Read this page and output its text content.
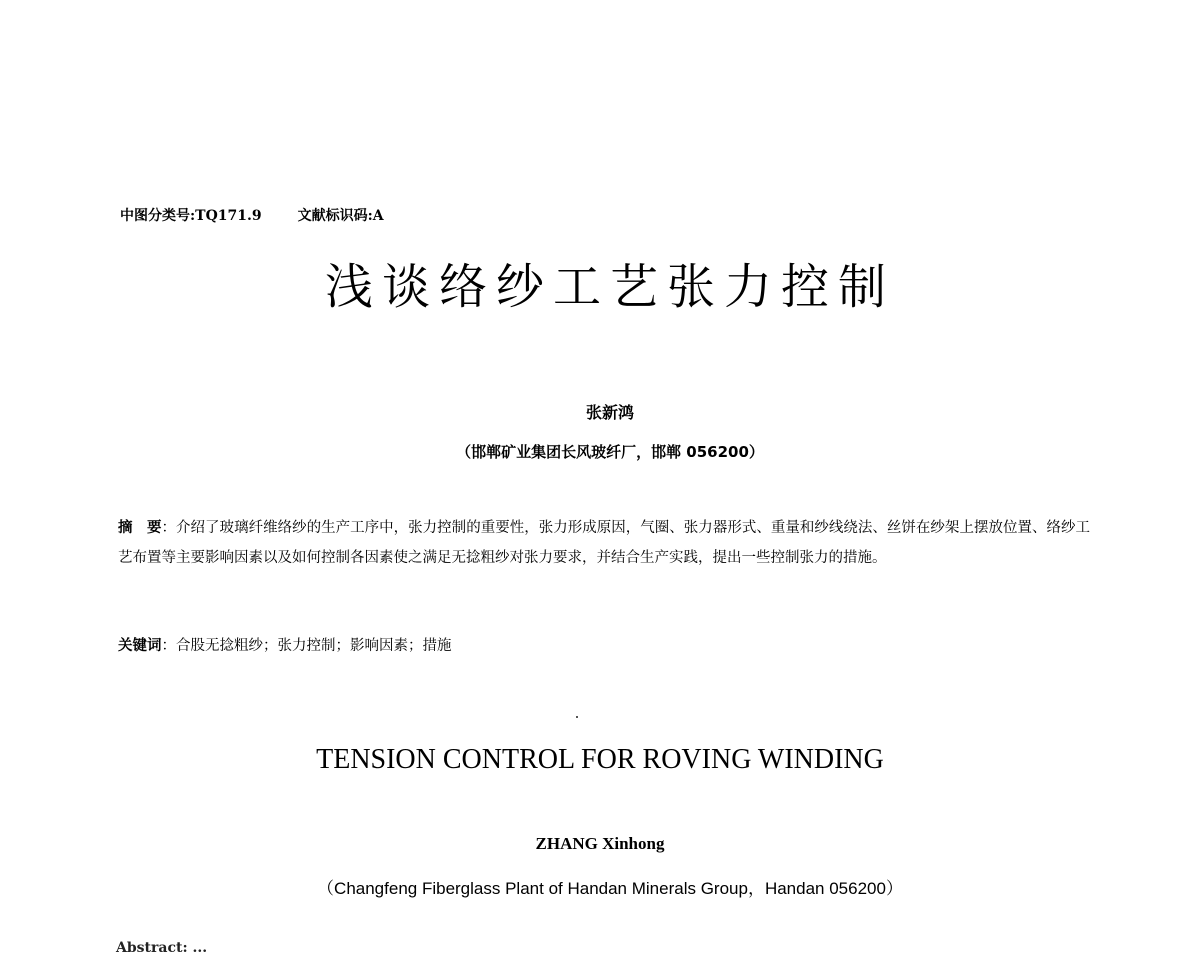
中图分类号:TQ171.9	文献标识码:A
浅谈络纱工艺张力控制
张新鸿
（邯郸矿业集团长风玻纤厂，邯郸 056200）
摘　要：介绍了玻璃纤维络纱的生产工序中，张力控制的重要性，张力形成原因，气圈、张力器形式、重量和纱线绕法、丝饼在纱架上摆放位置、络纱工艺布置等主要影响因素以及如何控制各因素使之满足无捻粗纱对张力要求，并结合生产实践，提出一些控制张力的措施。
关键词：合股无捻粗纱；张力控制；影响因素；措施
TENSION CONTROL FOR ROVING WINDING
ZHANG Xinhong
（Changfeng Fiberglass Plant of Handan Minerals Group，Handan 056200）
Abstract: ...
